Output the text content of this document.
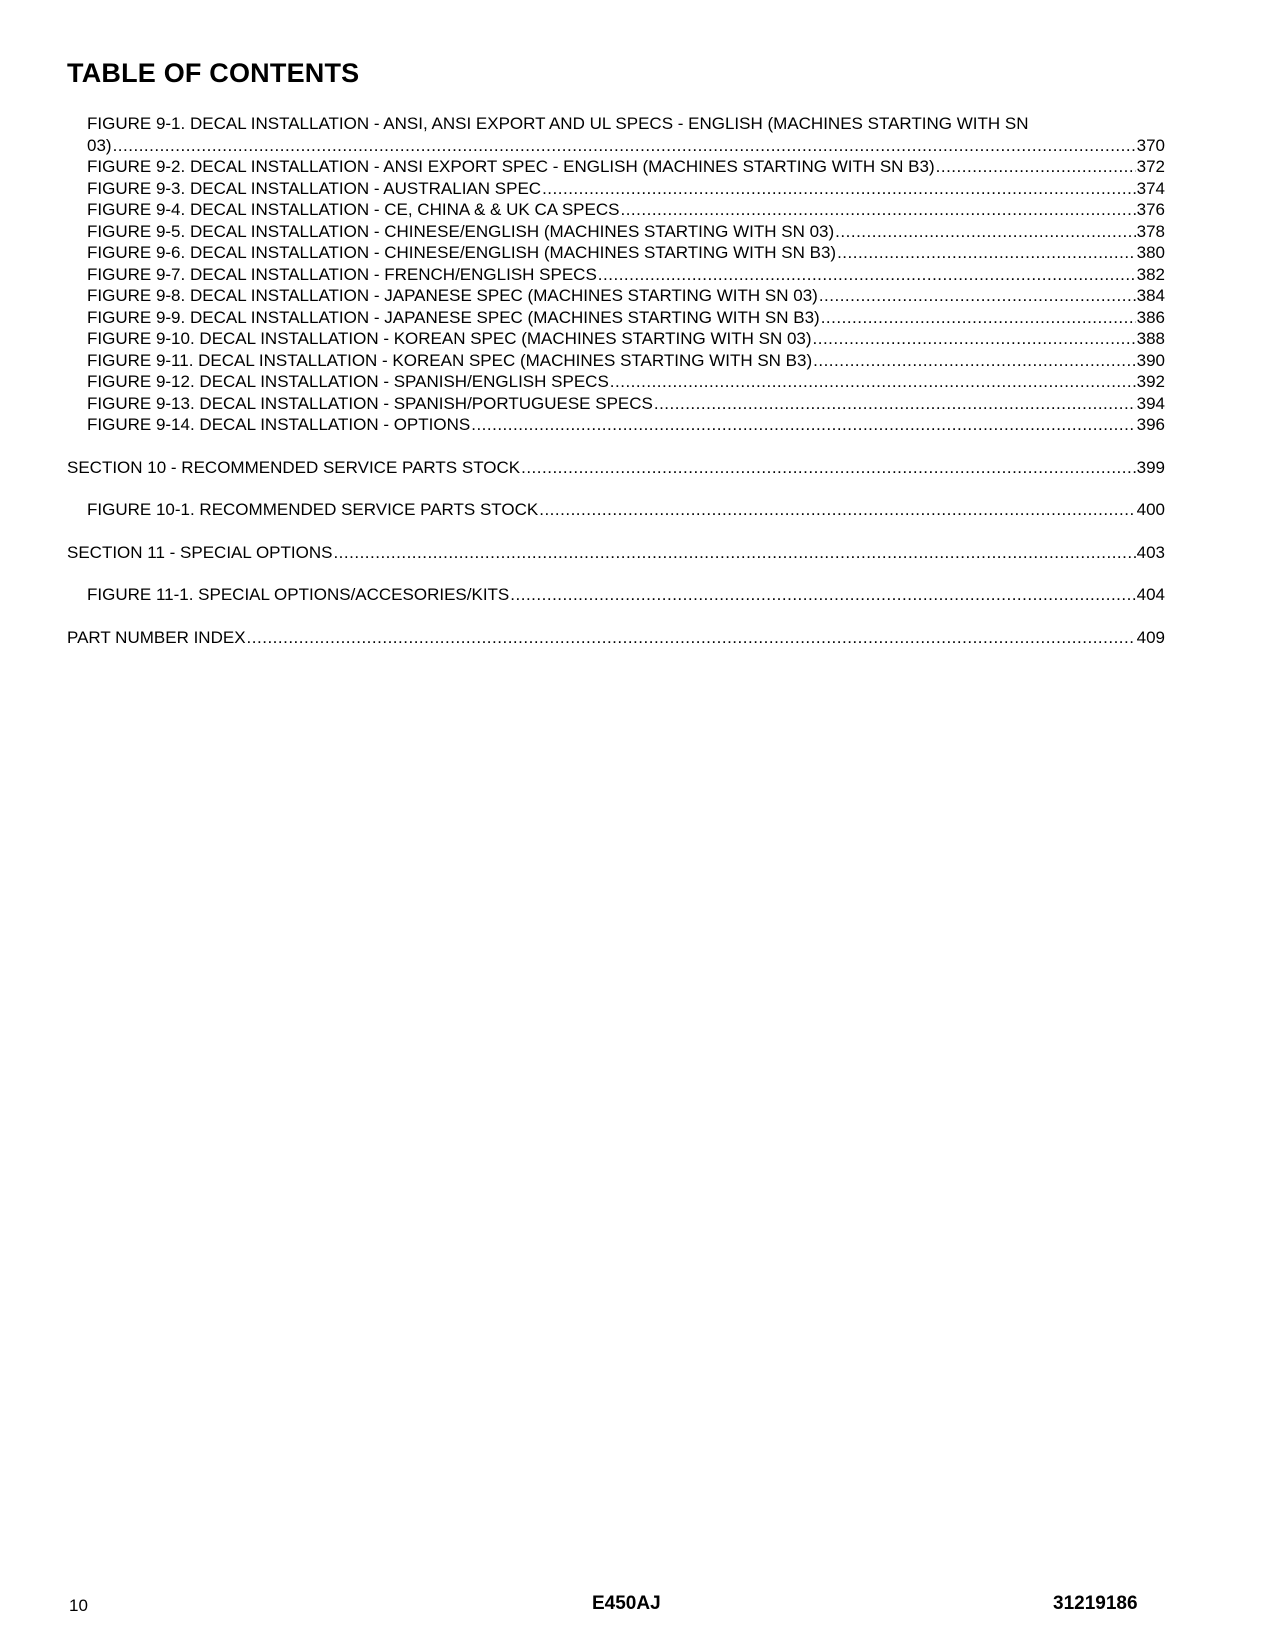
TABLE OF CONTENTS
FIGURE 9-1. DECAL INSTALLATION - ANSI, ANSI EXPORT AND UL SPECS - ENGLISH (MACHINES STARTING WITH SN
03) .....	370
FIGURE 9-2. DECAL INSTALLATION - ANSI EXPORT SPEC - ENGLISH (MACHINES STARTING WITH SN B3) .....	372
FIGURE 9-3. DECAL INSTALLATION - AUSTRALIAN SPEC .....	374
FIGURE 9-4. DECAL INSTALLATION - CE, CHINA & & UK CA SPECS .....	376
FIGURE 9-5. DECAL INSTALLATION - CHINESE/ENGLISH (MACHINES STARTING WITH SN 03) .....	378
FIGURE 9-6. DECAL INSTALLATION - CHINESE/ENGLISH (MACHINES STARTING WITH SN B3) .....	380
FIGURE 9-7. DECAL INSTALLATION - FRENCH/ENGLISH SPECS .....	382
FIGURE 9-8. DECAL INSTALLATION - JAPANESE SPEC (MACHINES STARTING WITH SN 03) .....	384
FIGURE 9-9. DECAL INSTALLATION - JAPANESE SPEC (MACHINES STARTING WITH SN B3) .....	386
FIGURE 9-10. DECAL INSTALLATION - KOREAN SPEC (MACHINES STARTING WITH SN 03) .....	388
FIGURE 9-11. DECAL INSTALLATION - KOREAN SPEC (MACHINES STARTING WITH SN B3) .....	390
FIGURE 9-12. DECAL INSTALLATION - SPANISH/ENGLISH SPECS .....	392
FIGURE 9-13. DECAL INSTALLATION - SPANISH/PORTUGUESE SPECS .....	394
FIGURE 9-14. DECAL INSTALLATION - OPTIONS .....	396
SECTION 10 - RECOMMENDED SERVICE PARTS STOCK .....	399
FIGURE 10-1. RECOMMENDED SERVICE PARTS STOCK .....	400
SECTION 11 - SPECIAL OPTIONS .....	403
FIGURE 11-1. SPECIAL OPTIONS/ACCESORIES/KITS .....	404
PART NUMBER INDEX .....	409
10	E450AJ	31219186
